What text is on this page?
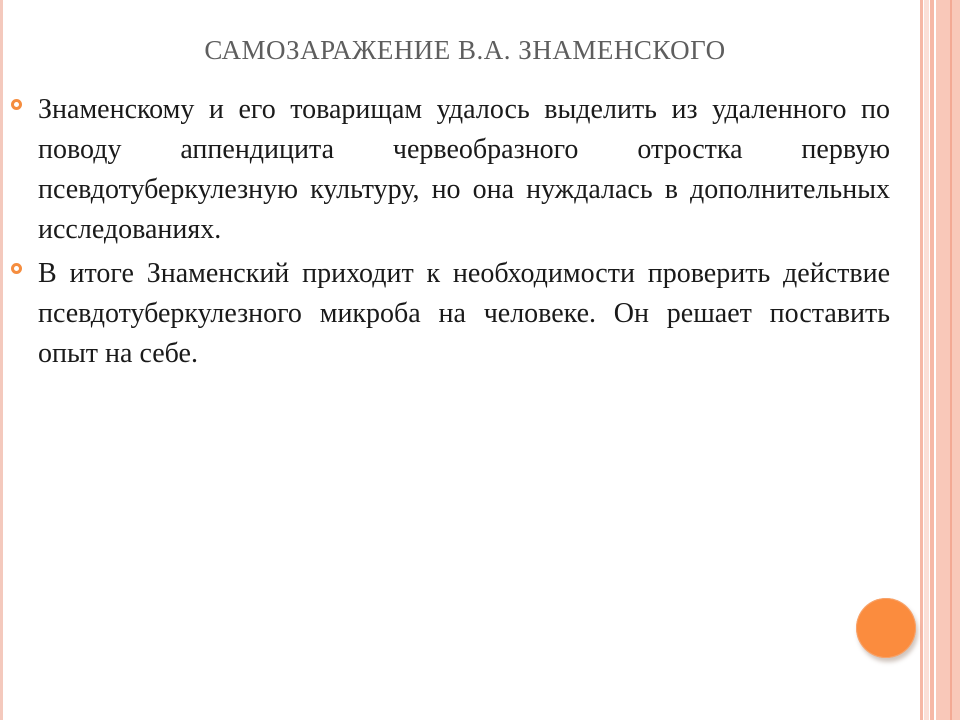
САМОЗАРАЖЕНИЕ В.А. ЗНАМЕНСКОГО

Знаменскому и его товарищам удалось выделить из удаленного по поводу аппендицита червеобразного отростка первую псевдотуберкулезную культуру, но она нуждалась в дополнительных исследованиях.

В итоге Знаменский приходит к необходимости проверить действие псевдотуберкулезного микроба на человеке. Он решает поставить опыт на себе.
